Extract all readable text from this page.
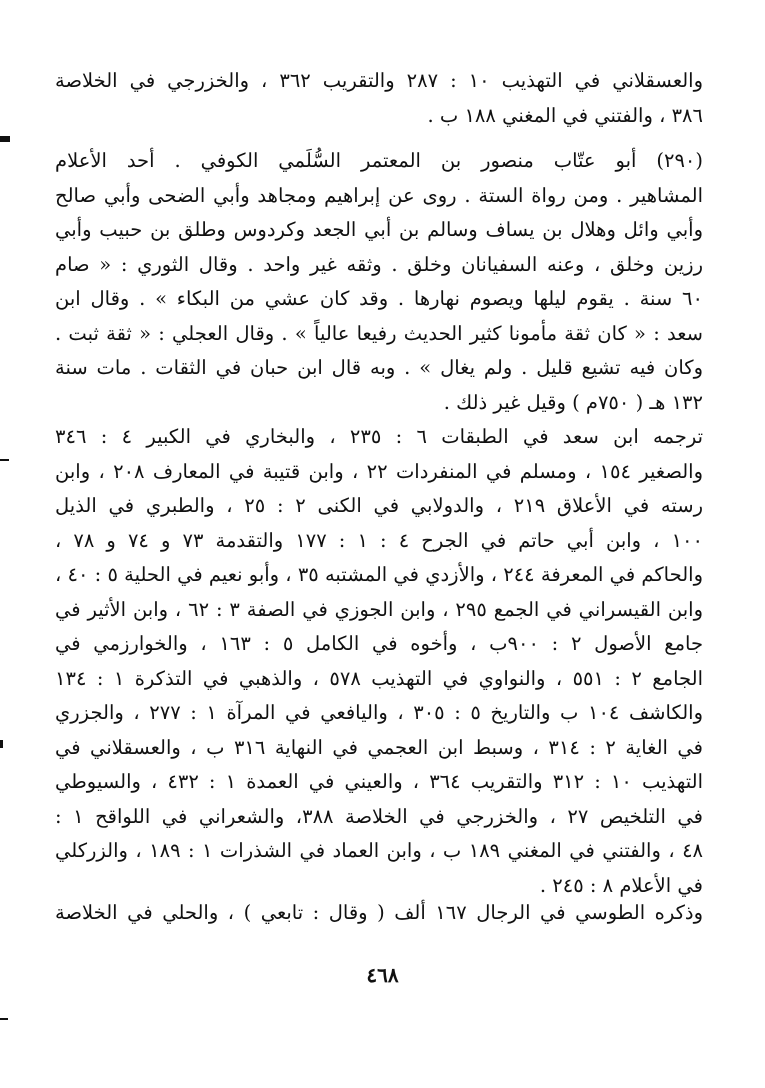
والعسقلاني في التهذيب ١٠ : ٢٨٧ والتقريب ٣٦٢ ، والخزرجي في الخلاصة
٣٨٦ ، والفتني في المغني ١٨٨ ب .
(٢٩٠) أبو عتّاب منصور بن المعتمر السُّلَمي الكوفي . أحد الأعلام
المشاهير . ومن رواة الستة . روى عن إبراهيم ومجاهد وأبي الضحى وأبي صالح
وأبي وائل وهلال بن يساف وسالم بن أبي الجعد وكردوس وطلق بن حبيب وأبي
رزين وخلق ، وعنه السفيانان وخلق . وثقه غير واحد . وقال الثوري : « صام
٦٠ سنة . يقوم ليلها ويصوم نهارها . وقد كان عشي من البكاء » . وقال ابن
سعد : « كان ثقة مأمونا كثير الحديث رفيعا عالياً » . وقال العجلي : « ثقة ثبت .
وكان فيه تشيع قليل . ولم يغال » . وبه قال ابن حبان في الثقات . مات سنة
١٣٢ هـ ( ٧٥٠م ) وقيل غير ذلك .
ترجمه ابن سعد في الطبقات ٦ : ٢٣٥ ، والبخاري في الكبير ٤ : ٣٤٦
والصغير ١٥٤ ، ومسلم في المنفردات ٢٢ ، وابن قتيبة في المعارف ٢٠٨ ، وابن
رسته في الأعلاق ٢١٩ ، والدولابي في الكنى ٢ : ٢٥ ، والطبري في الذيل
١٠٠ ، وابن أبي حاتم في الجرح ٤ : ١ : ١٧٧ والتقدمة ٧٣ و ٧٤ و ٧٨ ،
والحاكم في المعرفة ٢٤٤ ، والأزدي في المشتبه ٣٥ ، وأبو نعيم في الحلية ٥ : ٤٠ ،
وابن القيسراني في الجمع ٢٩٥ ، وابن الجوزي في الصفة ٣ : ٦٢ ، وابن الأثير في
جامع الأصول ٢ : ٩٠٠ب ، وأخوه في الكامل ٥ : ١٦٣ ، والخوارزمي في
الجامع ٢ : ٥٥١ ، والنواوي في التهذيب ٥٧٨ ، والذهبي في التذكرة ١ : ١٣٤
والكاشف ١٠٤ ب والتاريخ ٥ : ٣٠٥ ، واليافعي في المرآة ١ : ٢٧٧ ، والجزري
في الغاية ٢ : ٣١٤ ، وسبط ابن العجمي في النهاية ٣١٦ ب ، والعسقلاني في
التهذيب ١٠ : ٣١٢ والتقريب ٣٦٤ ، والعيني في العمدة ١ : ٤٣٢ ، والسيوطي
في التلخيص ٢٧ ، والخزرجي في الخلاصة ٣٨٨، والشعراني في اللواقح ١ :
٤٨ ، والفتني في المغني ١٨٩ ب ، وابن العماد في الشذرات ١ : ١٨٩ ، والزركلي
في الأعلام ٨ : ٢٤٥ .
وذكره الطوسي في الرجال ١٦٧ ألف ( وقال : تابعي ) ، والحلي في الخلاصة
٤٦٨
